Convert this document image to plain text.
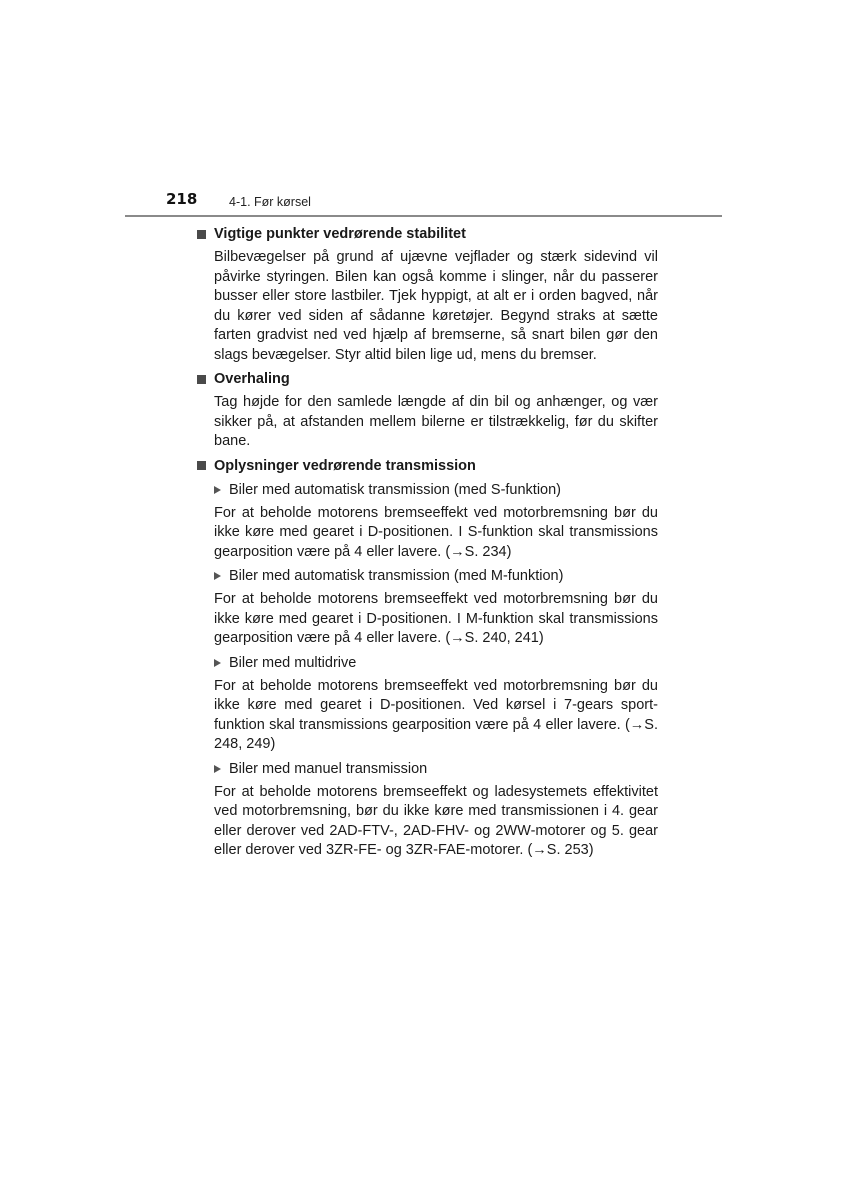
218	4-1. Før kørsel
Vigtige punkter vedrørende stabilitet

Bilbevægelser på grund af ujævne vejflader og stærk sidevind vil påvirke styringen. Bilen kan også komme i slinger, når du passerer busser eller store lastbiler. Tjek hyppigt, at alt er i orden bagved, når du kører ved siden af sådanne køretøjer. Begynd straks at sætte farten gradvist ned ved hjælp af bremserne, så snart bilen gør den slags bevægelser. Styr altid bilen lige ud, mens du bremser.

Overhaling

Tag højde for den samlede længde af din bil og anhænger, og vær sikker på, at afstanden mellem bilerne er tilstrækkelig, før du skifter bane.

Oplysninger vedrørende transmission
Biler med automatisk transmission (med S-funktion)

For at beholde motorens bremseeffekt ved motorbremsning bør du ikke køre med gearet i D-positionen. I S-funktion skal transmissions gearposition være på 4 eller lavere. (→S. 234)

Biler med automatisk transmission (med M-funktion)

For at beholde motorens bremseeffekt ved motorbremsning bør du ikke køre med gearet i D-positionen. I M-funktion skal transmissions gearposition være på 4 eller lavere. (→S. 240, 241)

Biler med multidrive

For at beholde motorens bremseeffekt ved motorbremsning bør du ikke køre med gearet i D-positionen. Ved kørsel i 7-gears sportfunktion skal transmissions gearposition være på 4 eller lavere. (→S. 248, 249)

Biler med manuel transmission

For at beholde motorens bremseeffekt og ladesystemets effektivitet ved motorbremsning, bør du ikke køre med transmissionen i 4. gear eller derover ved 2AD-FTV-, 2AD-FHV- og 2WW-motorer og 5. gear eller derover ved 3ZR-FE- og 3ZR-FAE-motorer. (→S. 253)
